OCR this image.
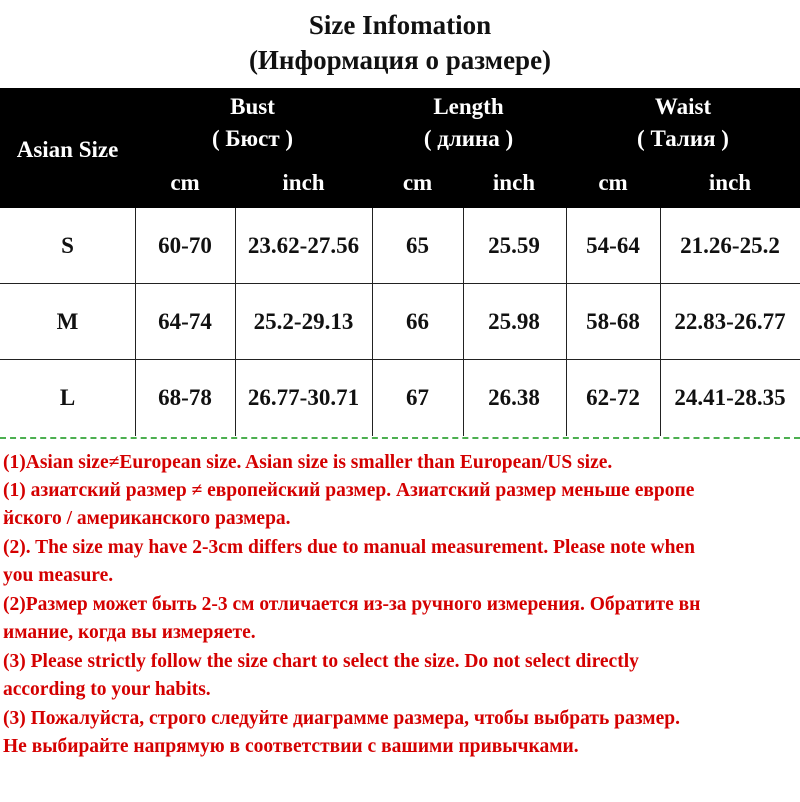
Size Infomation
(Информация о размере)
Asian Size
Bust
( Бюст )
cm	inch
Length
( длина )
cm	inch
Waist
( Талия )
cm	inch
S	60-70	23.62-27.56	65	25.59	54-64	21.26-25.2
M	64-74	25.2-29.13	66	25.98	58-68	22.83-26.77
L	68-78	26.77-30.71	67	26.38	62-72	24.41-28.35
(1)Asian size≠European size. Asian size is smaller than European/US size.
(1) азиатский размер ≠ европейский размер. Азиатский размер меньше европе
йского / американского размера.
(2). The size may have 2-3cm differs due to manual measurement. Please note when
you measure.
(2)Размер может быть 2-3 см отличается из-за ручного измерения. Обратите вн
имание, когда вы измеряете.
(3) Please strictly follow the size chart to select the size. Do not select directly
according to your habits.
(3) Пожалуйста, строго следуйте диаграмме размера, чтобы выбрать размер.
Не выбирайте напрямую в соответствии с вашими привычками.
